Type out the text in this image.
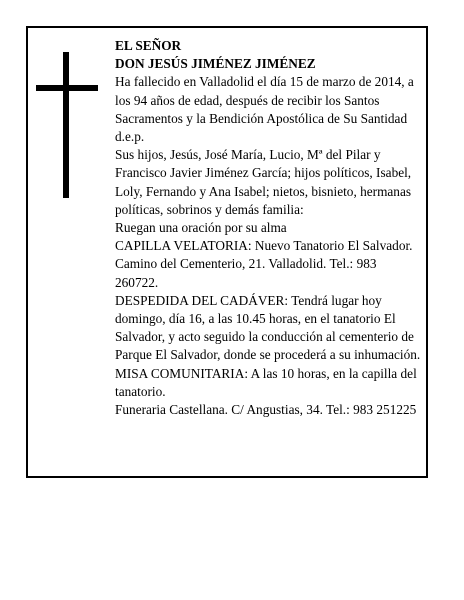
EL SEÑOR

DON JESÚS JIMÉNEZ JIMÉNEZ

Ha fallecido en Valladolid el día 15 de marzo de 2014, a los 94 años de edad, después de recibir los Santos Sacramentos y la Bendición Apostólica de Su Santidad d.e.p.

Sus hijos, Jesús, José María, Lucio, Mª del Pilar y Francisco Javier Jiménez García; hijos políticos, Isabel, Loly, Fernando y Ana Isabel; nietos, bisnieto, hermanas políticas, sobrinos y demás familia:

Ruegan una oración por su alma

CAPILLA VELATORIA: Nuevo Tanatorio El Salvador. Camino del Cementerio, 21. Valladolid. Tel.: 983 260722.

DESPEDIDA DEL CADÁVER: Tendrá lugar hoy domingo, día 16, a las 10.45 horas, en el tanatorio El Salvador, y acto seguido la conducción al cementerio de Parque El Salvador, donde se procederá a su inhumación.

MISA COMUNITARIA: A las 10 horas, en la capilla del tanatorio.

Funeraria Castellana. C/ Angustias, 34. Tel.: 983 251225
